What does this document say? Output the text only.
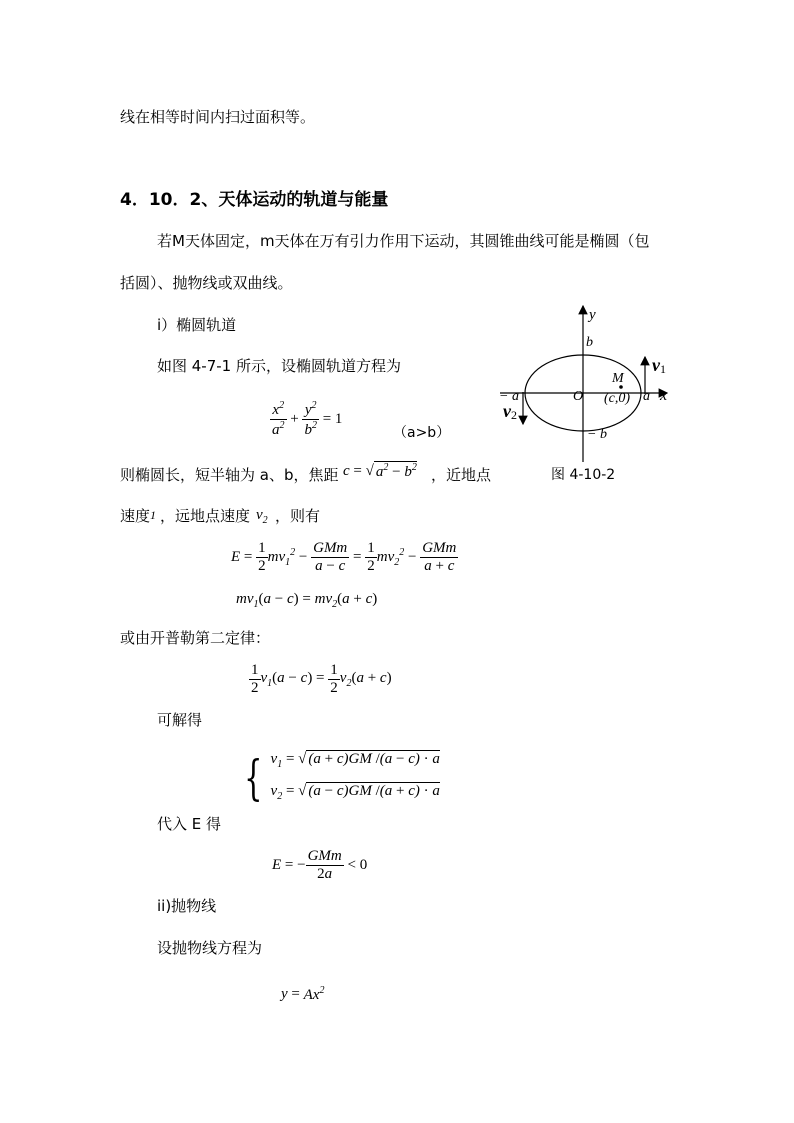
线在相等时间内扫过面积等。
4．10．2、天体运动的轨道与能量
若M天体固定，m天体在万有引力作用下运动，其圆锥曲线可能是椭圆（包
括圆）、抛物线或双曲线。
i）椭圆轨道
如图 4-7-1 所示，设椭圆轨道方程为
$\frac{x^2}{a^2} + \frac{y^2}{b^2} = 1$
（a>b）
则椭圆长，短半轴为 a、b，焦距 c = √ $a^2 - b^2$ ，近地点	图 4-10-2
速度 1 ，远地点速度 $v_2$ ，则有
$E = \frac{1}{2} mv_1^2 - \frac{\text{GMm}}{a - c} = \frac{1}{2} mv_2^2 - \frac{\text{GMm}}{a + c}$
$mv_1(a - c) = mv_2(a + c)$
或由开普勒第二定律：
$\frac{1}{2} v_1(a - c) = \frac{1}{2} v_2(a + c)$
可解得
{ $v_1$ = √ (a + c)GM /(a − c) · a
$v_2$ = √ (a − c)GM /(a + c) · a
代入 E 得
E = − $\frac{\text{GMm}}{2a} < 0$
ii)抛物线
设抛物线方程为
$y = Ax^2$
y
x
b
− b
− a	a
O
M
(c,0)
v1
v2
